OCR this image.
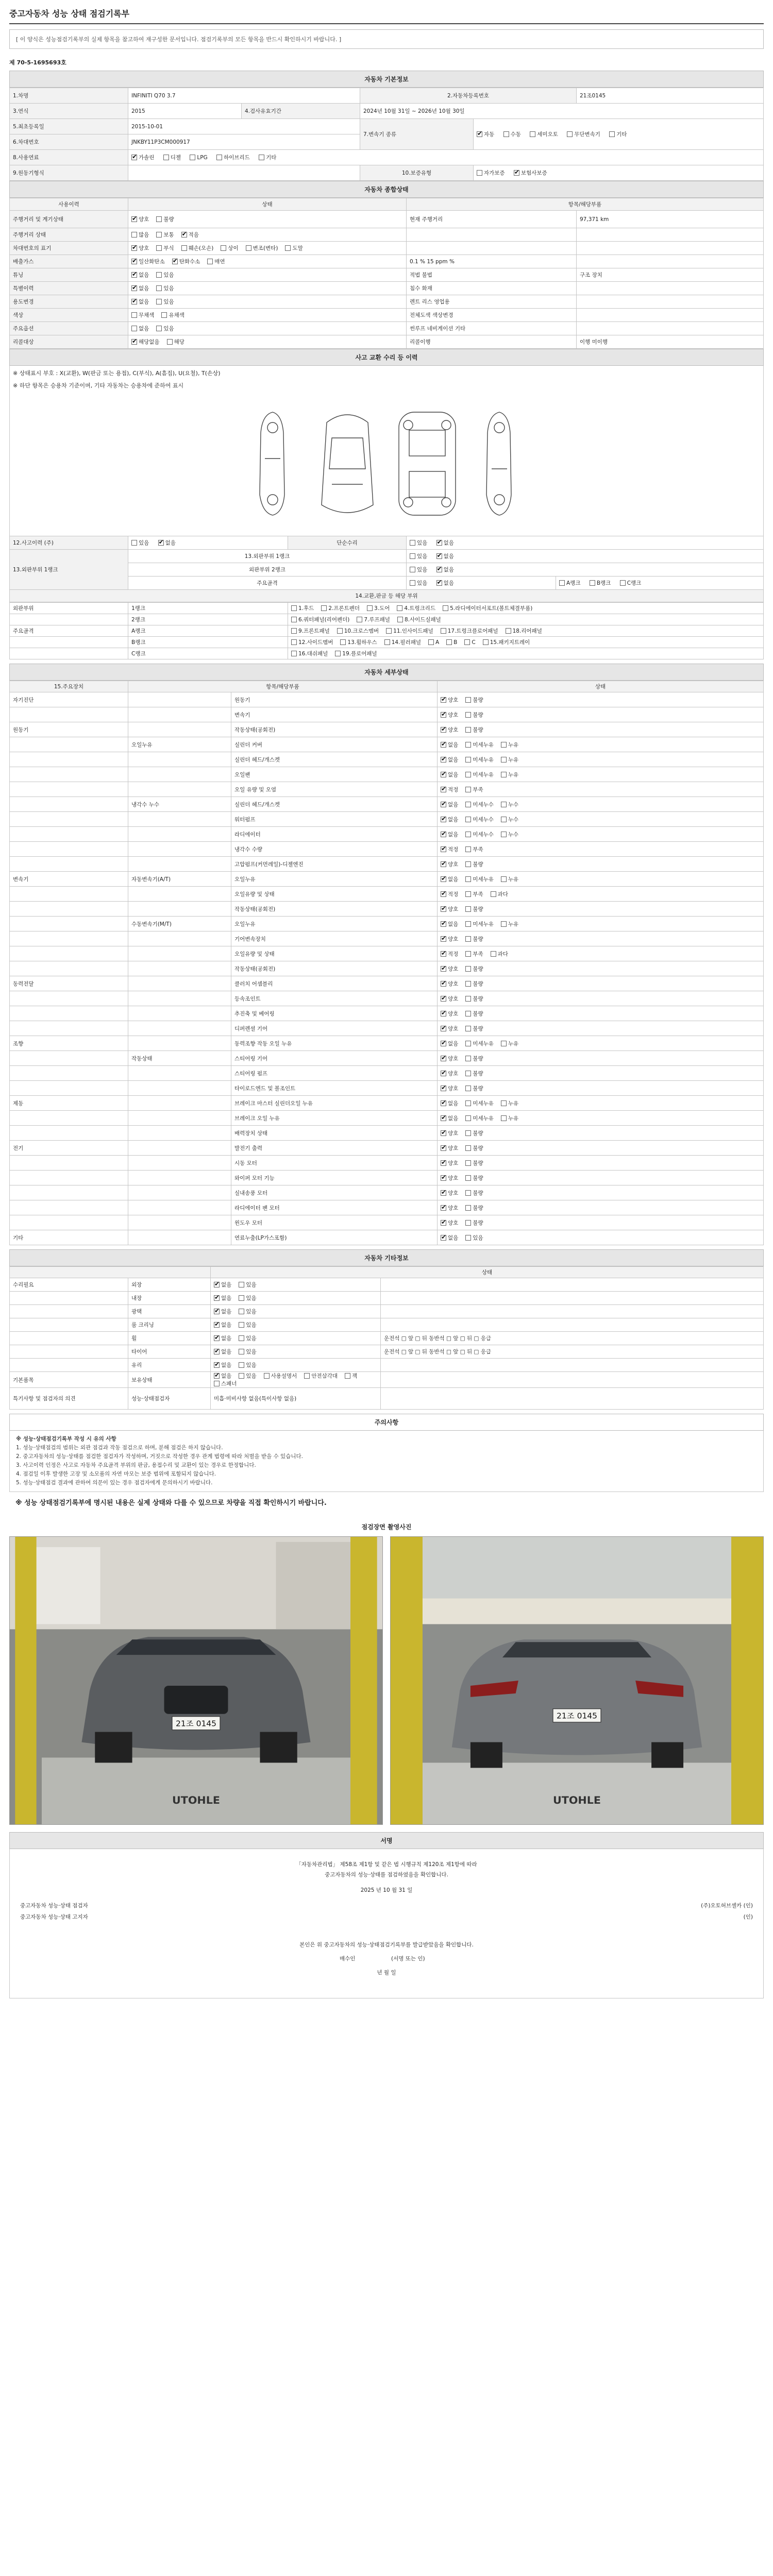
중고자동차 성능 상태 점검기록부
[ 이 양식은 성능점검기록부의 실제 항목을 참고하여 재구성한 문서입니다. 점검기록부의 모든 항목을 반드시 확인하시기 바랍니다. ]
제 70-5-1695693호
자동차 기본정보
1.차명	INFINITI Q70 3.7		2.자동차등록번호		21조0145
3.연식	2015	4.검사유효기간	2024년 10월 31일 ~ 2026년 10월 30일		
5.최초등록일	2015-10-01		7.변속기 종류	✔자동 수동 세미오토 무단변속기 기타
6.차대번호	JNKBY11P3CM000917				
8.사용연료	✔가솔린 디젤 LPG 하이브리드 기타
9.원동기형식			10.보증유형	자가보증 ✔ 보험사보증
자동차 종합상태
사용이력	상태	항목/해당부품	
주행거리 및 계기상태	✔양호 불량	현재 주행거리	97,371 km
주행거리 상태	많음 보통 ✔ 적음		
차대번호의 표기	✔양호 부식 훼손(오손) 상이 변조(변타) 도말		
배출가스	✔일산화탄소 ✔ 탄화수소 매연	0.1 % 15 ppm %	
튜닝	✔없음 있음	적법 불법	구조 장치
특별이력	✔없음 있음	침수 화재	
용도변경	✔없음 있음	렌트 리스 영업용	
색상	무채색 유채색	전체도색 색상변경	
주요옵션	없음 있음	썬루프 네비게이션 기타	
리콜대상	✔해당없음 해당	리콜이행	이행 미이행
사고 교환 수리 등 이력
※ 상태표시 부호 : X(교환), W(판금 또는 용접), C(부식), A(흠집), U(요철), T(손상)
※ 하단 항목은 승용차 기준이며, 기타 자동차는 승용차에 준하여 표시
12.사고이력 (주)	있음 ✔ 없음	단순수리	있음 ✔ 없음
13.외판부위 1랭크	13.외판부위 1랭크		있음 ✔ 없음
	외판부위 2랭크		있음 ✔ 없음
	주요골격		있음 ✔ 없음	A랭크 B랭크 C랭크
14.교환,판금 등 해당 부위				
외판부위	1랭크	1.후드 2.프론트펜더 3.도어 4.트렁크리드 5.라디에이터서포트(볼트체결부품)
	2랭크	6.쿼터패널(리어펜더) 7.루프패널 8.사이드실패널
주요골격	A랭크	9.프론트패널 10.크로스멤버 11.인사이드패널 17.트렁크플로어패널 18.리어패널
	B랭크	12.사이드멤버 13.휠하우스 14.필러패널 A B C 15.패키지트레이
	C랭크	16.대쉬패널 19.플로어패널
자동차 세부상태
15.주요장치	항목/해당부품		상태
자기진단		원동기	✔양호 불량
		변속기	✔양호 불량
원동기		작동상태(공회전)	✔양호 불량
	오일누유	실린더 커버	✔없음 미세누유 누유
		실린더 헤드/개스켓	✔없음 미세누유 누유
		오일팬	✔없음 미세누유 누유
		오일 유량 및 오염	✔적정 부족
	냉각수 누수	실린더 헤드/개스켓	✔없음 미세누수 누수
		워터펌프	✔없음 미세누수 누수
		라디에이터	✔없음 미세누수 누수
		냉각수 수량	✔적정 부족
		고압펌프(커먼레일)-디젤엔진	✔양호 불량
변속기	자동변속기(A/T)	오일누유	✔없음 미세누유 누유
		오일유량 및 상태	✔적정 부족 과다
		작동상태(공회전)	✔양호 불량
	수동변속기(M/T)	오일누유	✔없음 미세누유 누유
		기어변속장치	✔양호 불량
		오일유량 및 상태	✔적정 부족 과다
		작동상태(공회전)	✔양호 불량
동력전달		클러치 어셈블리	✔양호 불량
		등속조인트	✔양호 불량
		추진축 및 베어링	✔양호 불량
		디퍼렌셜 기어	✔양호 불량
조향		동력조향 작동 오일 누유	✔없음 미세누유 누유
	작동상태	스티어링 기어	✔양호 불량
		스티어링 펌프	✔양호 불량
		타이로드엔드 및 볼조인트	✔양호 불량
제동		브레이크 마스터 실린더오일 누유	✔없음 미세누유 누유
		브레이크 오일 누유	✔없음 미세누유 누유
		배력장치 상태	✔양호 불량
전기		발전기 출력	✔양호 불량
		시동 모터	✔양호 불량
		와이퍼 모터 기능	✔양호 불량
		실내송풍 모터	✔양호 불량
		라디에이터 팬 모터	✔양호 불량
		윈도우 모터	✔양호 불량
기타		연료누출(LP가스포함)	✔없음 있음
자동차 기타정보
		상태	
수리필요	외장	✔없음 있음	
	내장	✔없음 있음	
	광택	✔없음 있음	
	룸 크리닝	✔없음 있음	
	휠	✔없음 있음	운전석 □ 앞 □ 뒤 동반석 □ 앞 □ 뒤 □ 응급
	타이어	✔없음 있음	운전석 □ 앞 □ 뒤 동반석 □ 앞 □ 뒤 □ 응급
	유리	✔없음 있음	
기본품목	보유상태	✔없음 있음 사용설명서 안전삼각대 잭스패너	
특기사항 및 점검자의 의견	성능·상태점검자	미흡·미비사항 없음(특이사항 없음)	
주의사항

※ 성능·상태점검기록부 작성 시 유의 사항

1. 성능·상태점검의 범위는 외관 점검과 작동 점검으로 하며, 분해 점검은 하지 않습니다.

2. 중고자동차의 성능·상태를 점검한 점검자가 작성하며, 거짓으로 작성한 경우 관계 법령에 따라 처벌을 받을 수 있습니다.

3. 사고이력 인정은 사고로 자동차 주요골격 부위의 판금, 용접수리 및 교환이 있는 경우로 한정합니다.

4. 점검일 이후 발생한 고장 및 소모품의 자연 마모는 보증 범위에 포함되지 않습니다.

5. 성능·상태점검 결과에 관하여 의문이 있는 경우 점검자에게 문의하시기 바랍니다.

※ 성능 상태점검기록부에 명시된 내용은 실제 상태와 다를 수 있으므로 차량을 직접 확인하시기 바랍니다.
점검장면 촬영사진
21조 0145
UTOHLE
21조 0145
UTOHLE
서명
「자동차관리법」 제58조 제1항 및 같은 법 시행규칙 제120조 제1항에 따라
중고자동차의 성능·상태를 점검하였음을 확인합니다.
2025 년 10 월 31 일
중고자동차 성능·상태 점검자	(주)오토허브셀카 (인)
중고자동차 성능·상태 고지자	(인)
본인은 위 중고자동차의 성능·상태점검기록부를 발급받았음을 확인합니다.
매수인	(서명 또는 인)
년 월 일
